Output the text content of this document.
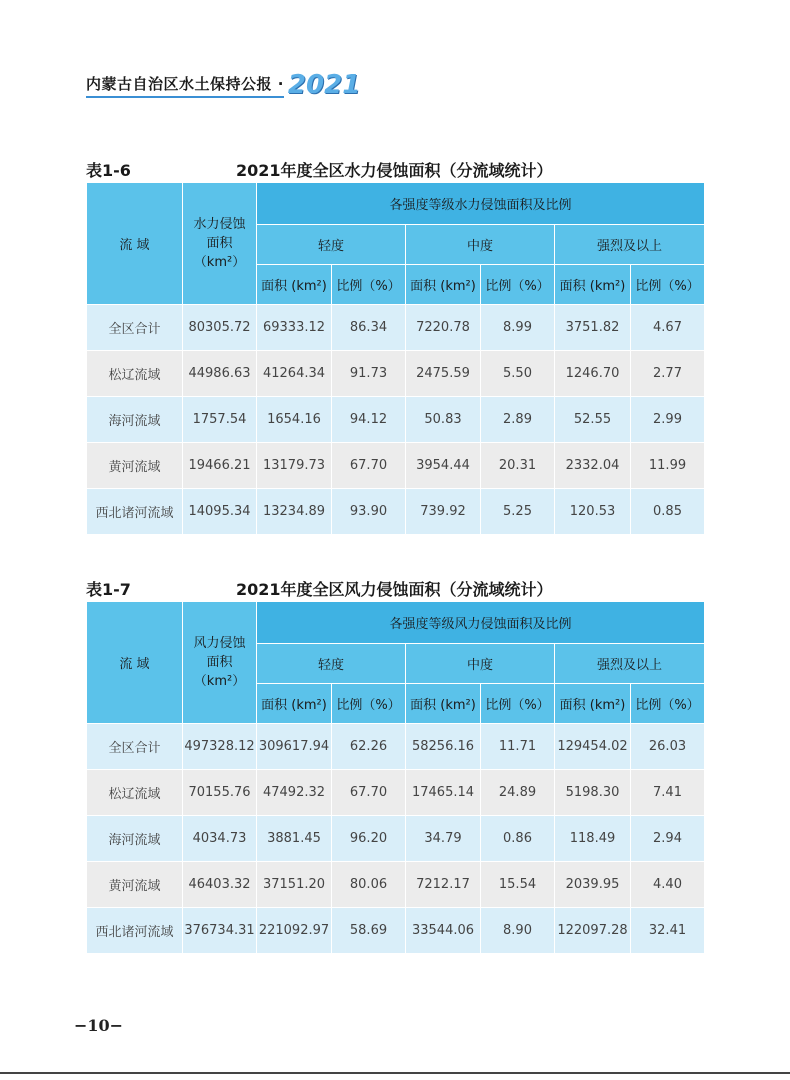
内蒙古自治区水土保持公报 · 2021
表1-6	2021年度全区水力侵蚀面积（分流域统计）
流 域	水力侵蚀面积（km²）	各强度等级水力侵蚀面积及比例					
		轻度		中度		强烈及以上	
		面积 (km²)	比例（%）	面积 (km²)	比例（%）	面积 (km²)	比例（%）
全区合计	80305.72	69333.12	86.34	7220.78	8.99	3751.82	4.67
松辽流域	44986.63	41264.34	91.73	2475.59	5.50	1246.70	2.77
海河流域	1757.54	1654.16	94.12	50.83	2.89	52.55	2.99
黄河流域	19466.21	13179.73	67.70	3954.44	20.31	2332.04	11.99
西北诸河流域	14095.34	13234.89	93.90	739.92	5.25	120.53	0.85
表1-7	2021年度全区风力侵蚀面积（分流域统计）
流 域	风力侵蚀面积（km²）	各强度等级风力侵蚀面积及比例					
		轻度		中度		强烈及以上	
		面积 (km²)	比例（%）	面积 (km²)	比例（%）	面积 (km²)	比例（%）
全区合计	497328.12	309617.94	62.26	58256.16	11.71	129454.02	26.03
松辽流域	70155.76	47492.32	67.70	17465.14	24.89	5198.30	7.41
海河流域	4034.73	3881.45	96.20	34.79	0.86	118.49	2.94
黄河流域	46403.32	37151.20	80.06	7212.17	15.54	2039.95	4.40
西北诸河流域	376734.31	221092.97	58.69	33544.06	8.90	122097.28	32.41
−10−
